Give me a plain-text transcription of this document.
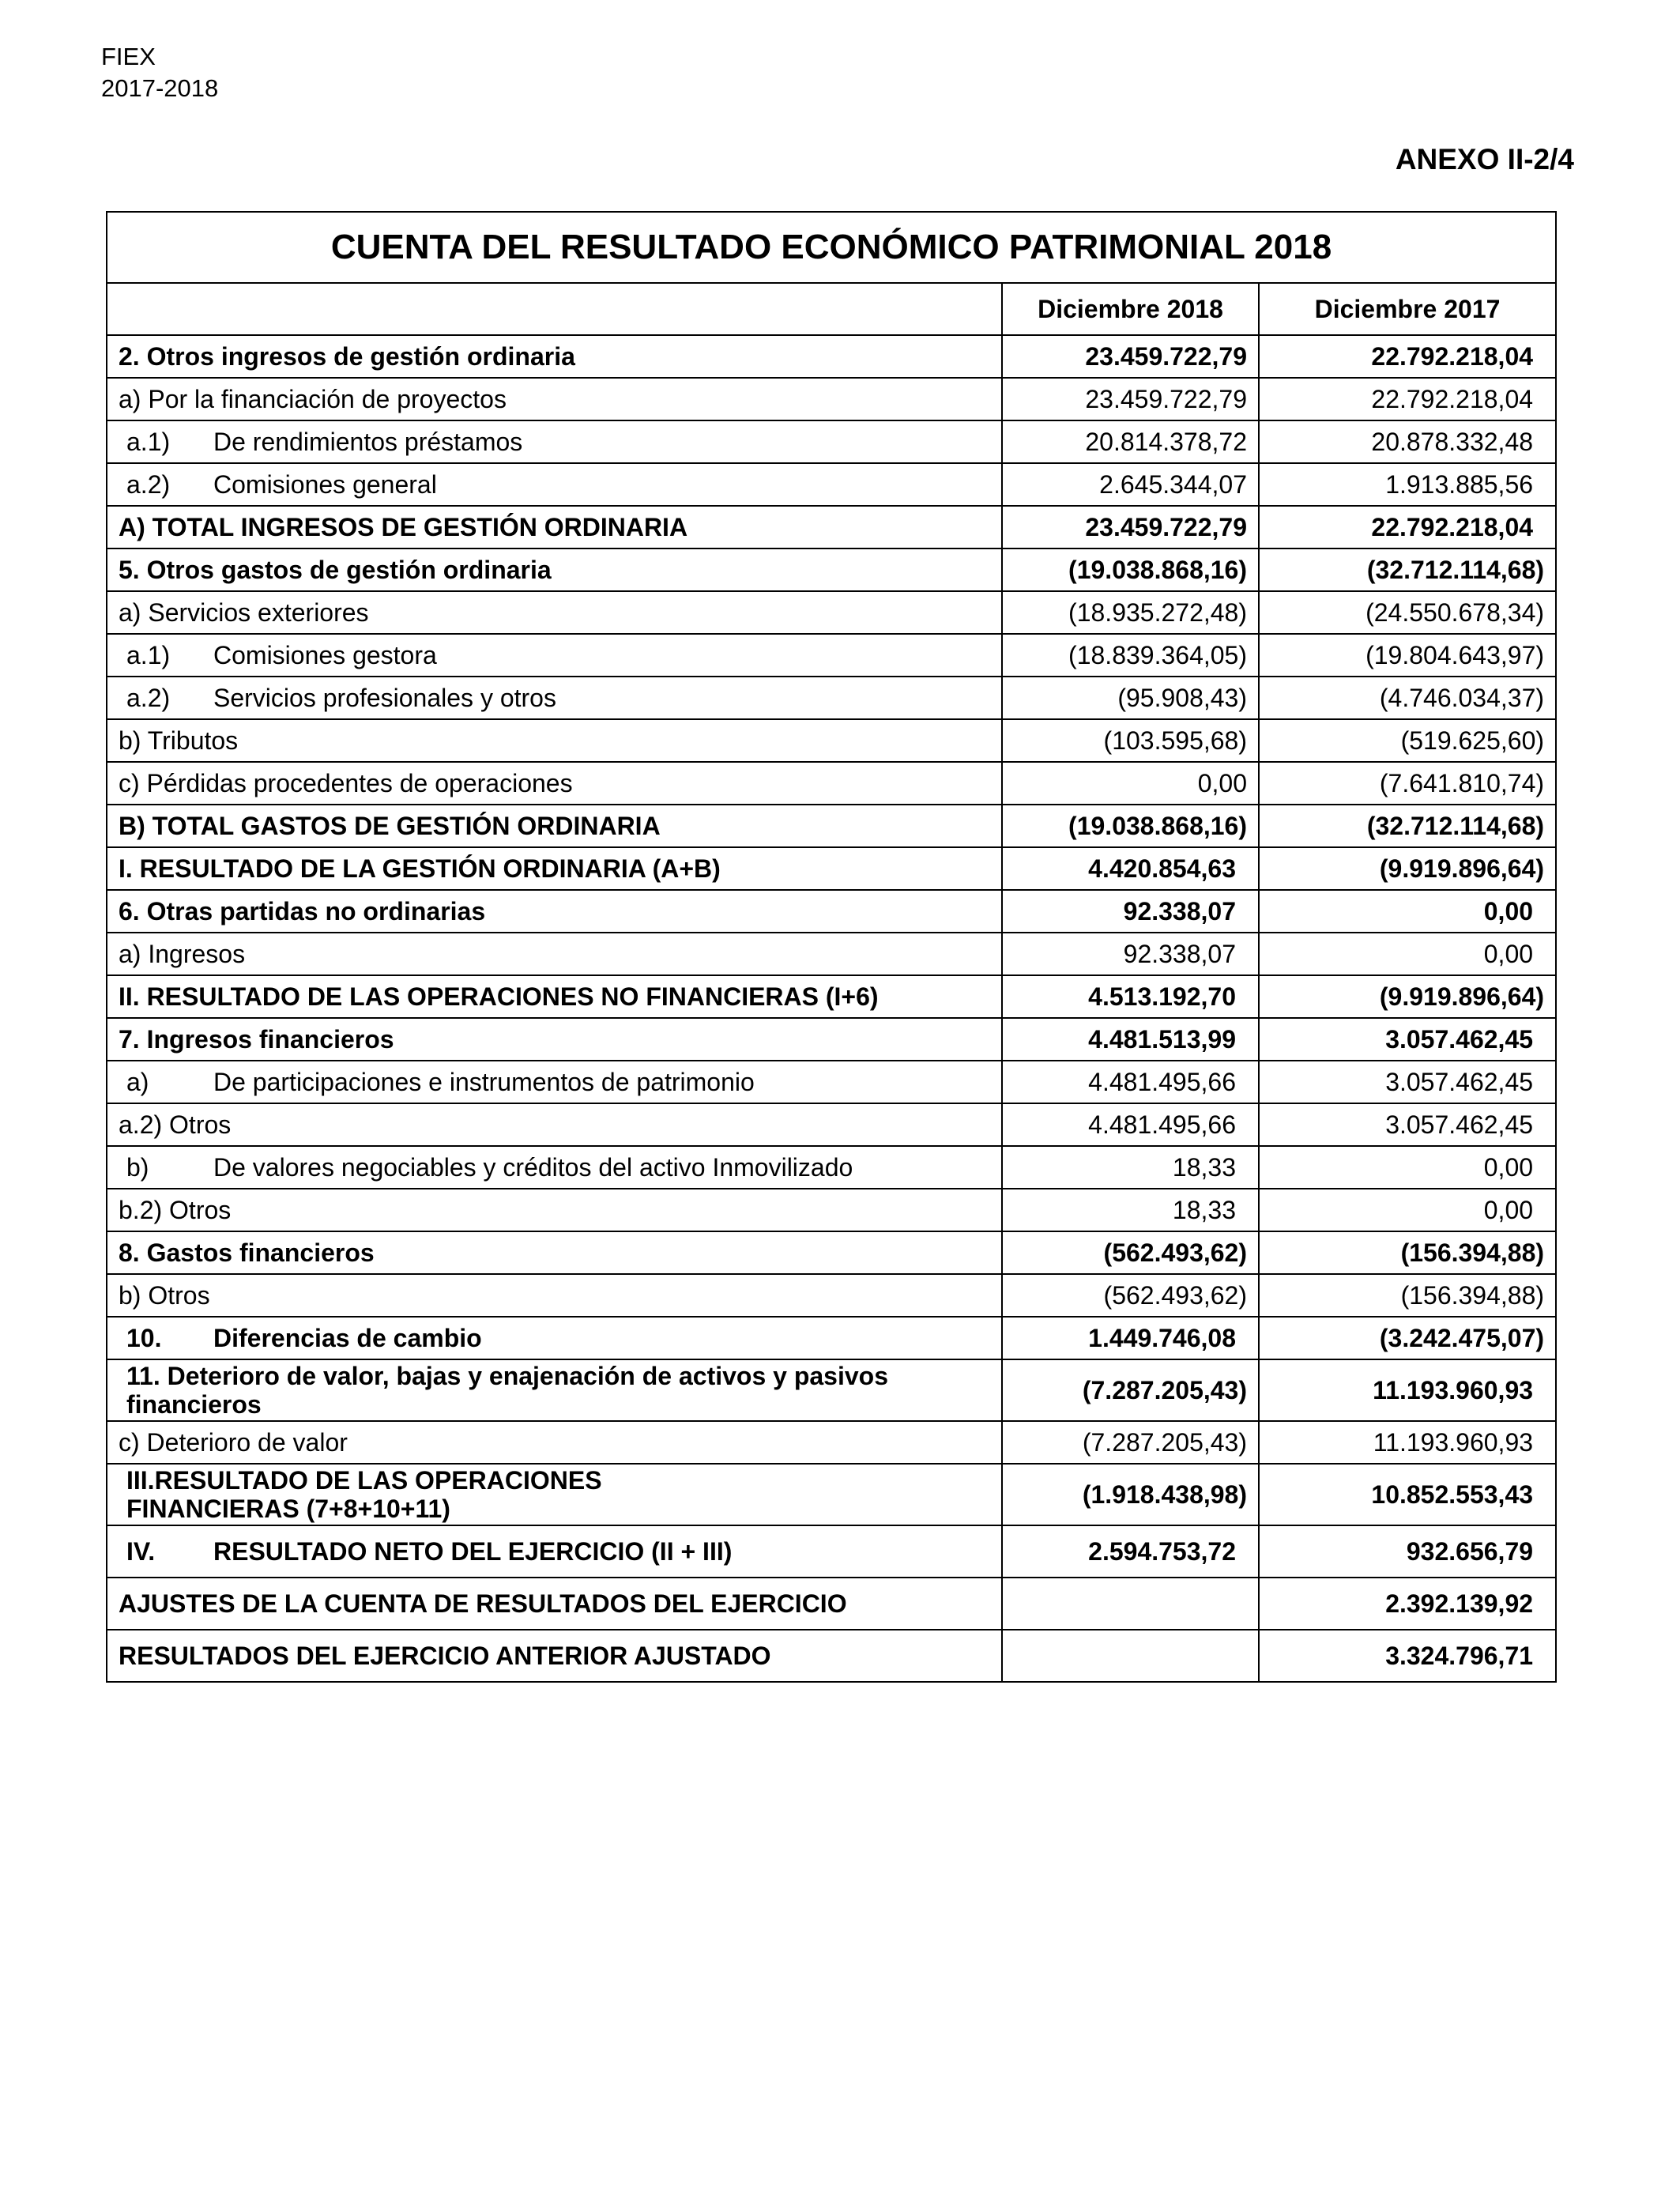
FIEX
2017-2018
ANEXO II-2/4
CUENTA DEL RESULTADO ECONÓMICO PATRIMONIAL 2018		
	Diciembre 2018	Diciembre 2017
2. Otros ingresos de gestión ordinaria	23.459.722,79	22.792.218,04
a) Por la financiación de proyectos	23.459.722,79	22.792.218,04
a.1) De rendimientos préstamos	20.814.378,72	20.878.332,48
a.2) Comisiones general	2.645.344,07	1.913.885,56
A) TOTAL INGRESOS DE GESTIÓN ORDINARIA	23.459.722,79	22.792.218,04
5. Otros gastos de gestión ordinaria	(19.038.868,16)	(32.712.114,68)
a) Servicios exteriores	(18.935.272,48)	(24.550.678,34)
a.1) Comisiones gestora	(18.839.364,05)	(19.804.643,97)
a.2) Servicios profesionales y otros	(95.908,43)	(4.746.034,37)
b) Tributos	(103.595,68)	(519.625,60)
c) Pérdidas procedentes de operaciones	0,00	(7.641.810,74)
B) TOTAL GASTOS DE GESTIÓN ORDINARIA	(19.038.868,16)	(32.712.114,68)
I. RESULTADO DE LA GESTIÓN ORDINARIA (A+B)	4.420.854,63	(9.919.896,64)
6. Otras partidas no ordinarias	92.338,07	0,00
a) Ingresos	92.338,07	0,00
II. RESULTADO DE LAS OPERACIONES NO FINANCIERAS (I+6)	4.513.192,70	(9.919.896,64)
7. Ingresos financieros	4.481.513,99	3.057.462,45
a) De participaciones e instrumentos de patrimonio	4.481.495,66	3.057.462,45
a.2) Otros	4.481.495,66	3.057.462,45
b) De valores negociables y créditos del activo Inmovilizado	18,33	0,00
b.2) Otros	18,33	0,00
8. Gastos financieros	(562.493,62)	(156.394,88)
b) Otros	(562.493,62)	(156.394,88)
10. Diferencias de cambio	1.449.746,08	(3.242.475,07)

11. Deterioro de valor, bajas y enajenación de activos y pasivos financieros	(7.287.205,43)	11.193.960,93
c) Deterioro de valor	(7.287.205,43)	11.193.960,93

III.RESULTADO DE LAS OPERACIONES FINANCIERAS (7+8+10+11)	(1.918.438,98)	10.852.553,43
IV. RESULTADO NETO DEL EJERCICIO (II + III)	2.594.753,72	932.656,79
AJUSTES DE LA CUENTA DE RESULTADOS DEL EJERCICIO		2.392.139,92
RESULTADOS DEL EJERCICIO ANTERIOR AJUSTADO		3.324.796,71
